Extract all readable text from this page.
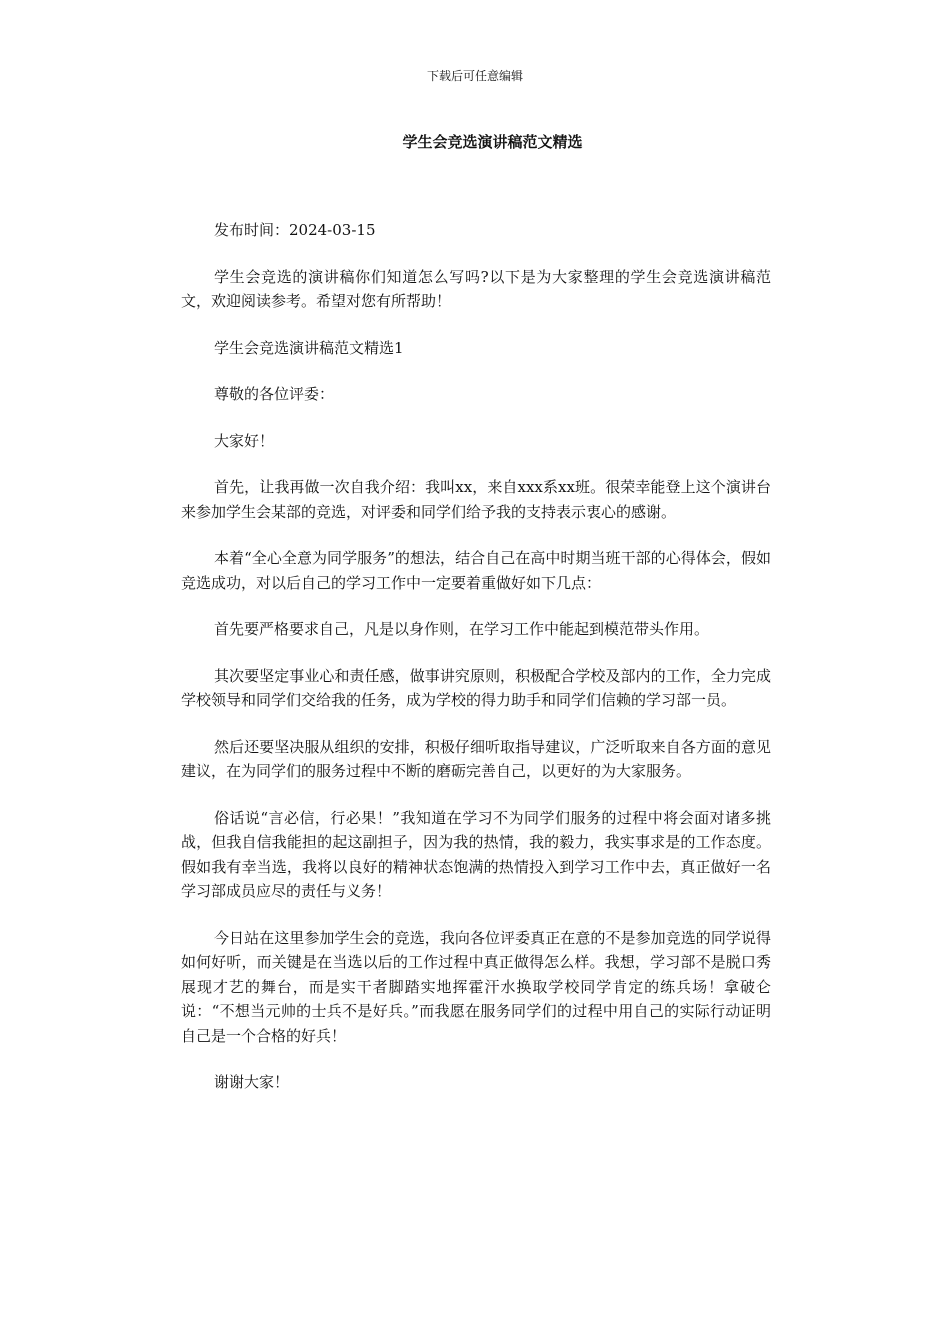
下载后可任意编辑
学生会竞选演讲稿范文精选

发布时间：2024-03-15

学生会竞选的演讲稿你们知道怎么写吗?以下是为大家整理的学生会竞选演讲稿范文，欢迎阅读参考。希望对您有所帮助！

学生会竞选演讲稿范文精选1

尊敬的各位评委：

大家好！

首先，让我再做一次自我介绍：我叫xx，来自xxx系xx班。很荣幸能登上这个演讲台来参加学生会某部的竞选，对评委和同学们给予我的支持表示衷心的感谢。

本着“全心全意为同学服务”的想法，结合自己在高中时期当班干部的心得体会，假如竞选成功，对以后自己的学习工作中一定要着重做好如下几点：

首先要严格要求自己，凡是以身作则，在学习工作中能起到模范带头作用。

其次要坚定事业心和责任感，做事讲究原则，积极配合学校及部内的工作，全力完成学校领导和同学们交给我的任务，成为学校的得力助手和同学们信赖的学习部一员。

然后还要坚决服从组织的安排，积极仔细听取指导建议，广泛听取来自各方面的意见建议，在为同学们的服务过程中不断的磨砺完善自己，以更好的为大家服务。

俗话说“言必信，行必果！”我知道在学习不为同学们服务的过程中将会面对诸多挑战，但我自信我能担的起这副担子，因为我的热情，我的毅力，我实事求是的工作态度。假如我有幸当选，我将以良好的精神状态饱满的热情投入到学习工作中去，真正做好一名学习部成员应尽的责任与义务！

今日站在这里参加学生会的竞选，我向各位评委真正在意的不是参加竞选的同学说得如何好听，而关键是在当选以后的工作过程中真正做得怎么样。我想，学习部不是脱口秀展现才艺的舞台，而是实干者脚踏实地挥霍汗水换取学校同学肯定的练兵场！拿破仑说：“不想当元帅的士兵不是好兵。”而我愿在服务同学们的过程中用自己的实际行动证明自己是一个合格的好兵！

谢谢大家！
